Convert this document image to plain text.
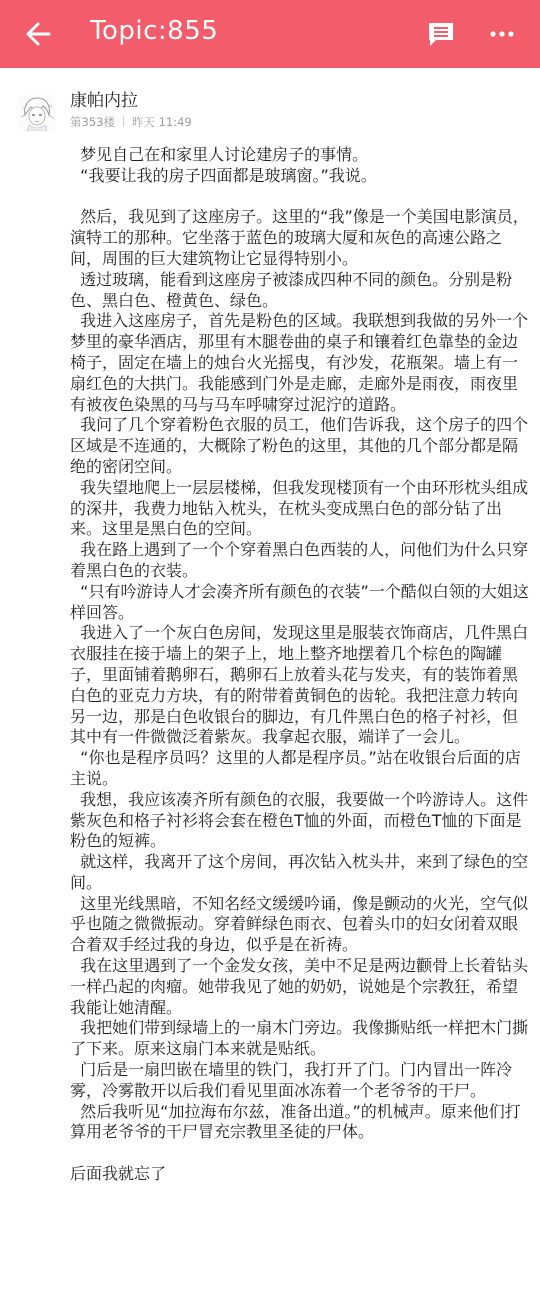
Topic:855
康帕内拉
第353楼 昨天 11:49

梦见自己在和家里人讨论建房子的事情。

“我要让我的房子四面都是玻璃窗。”我说。

然后，我见到了这座房子。这里的“我”像是一个美国电影演员，演特工的那种。它坐落于蓝色的玻璃大厦和灰色的高速公路之间，周围的巨大建筑物让它显得特别小。

透过玻璃，能看到这座房子被漆成四种不同的颜色。分别是粉色、黑白色、橙黄色、绿色。

我进入这座房子，首先是粉色的区域。我联想到我做的另外一个梦里的豪华酒店，那里有木腿卷曲的桌子和镶着红色靠垫的金边椅子，固定在墙上的烛台火光摇曳，有沙发，花瓶架。墙上有一扇红色的大拱门。我能感到门外是走廊，走廊外是雨夜，雨夜里有被夜色染黑的马与马车呼啸穿过泥泞的道路。

我问了几个穿着粉色衣服的员工，他们告诉我，这个房子的四个区域是不连通的，大概除了粉色的这里，其他的几个部分都是隔绝的密闭空间。

我失望地爬上一层层楼梯，但我发现楼顶有一个由环形枕头组成的深井，我费力地钻入枕头，在枕头变成黑白色的部分钻了出来。这里是黑白色的空间。

我在路上遇到了一个个穿着黑白色西装的人，问他们为什么只穿着黑白色的衣装。

“只有吟游诗人才会凑齐所有颜色的衣装”一个酷似白领的大姐这样回答。

我进入了一个灰白色房间，发现这里是服装衣饰商店，几件黑白衣服挂在接于墙上的架子上，地上整齐地摆着几个棕色的陶罐子，里面铺着鹅卵石，鹅卵石上放着头花与发夹，有的装饰着黑白色的亚克力方块，有的附带着黄铜色的齿轮。我把注意力转向另一边，那是白色收银台的脚边，有几件黑白色的格子衬衫，但其中有一件微微泛着紫灰。我拿起衣服，端详了一会儿。

“你也是程序员吗？这里的人都是程序员。”站在收银台后面的店主说。

我想，我应该凑齐所有颜色的衣服，我要做一个吟游诗人。这件紫灰色和格子衬衫将会套在橙色T恤的外面，而橙色T恤的下面是粉色的短裤。

就这样，我离开了这个房间，再次钻入枕头井，来到了绿色的空间。

这里光线黑暗，不知名经文缓缓吟诵，像是颤动的火光，空气似乎也随之微微振动。穿着鲜绿色雨衣、包着头巾的妇女闭着双眼合着双手经过我的身边，似乎是在祈祷。

我在这里遇到了一个金发女孩，美中不足是两边颧骨上长着钻头一样凸起的肉瘤。她带我见了她的奶奶，说她是个宗教狂，希望我能让她清醒。

我把她们带到绿墙上的一扇木门旁边。我像撕贴纸一样把木门撕了下来。原来这扇门本来就是贴纸。

门后是一扇凹嵌在墙里的铁门，我打开了门。门内冒出一阵冷雾，冷雾散开以后我们看见里面冰冻着一个老爷爷的干尸。

然后我听见“加拉海布尔兹，准备出道。”的机械声。原来他们打算用老爷爷的干尸冒充宗教里圣徒的尸体。

后面我就忘了
